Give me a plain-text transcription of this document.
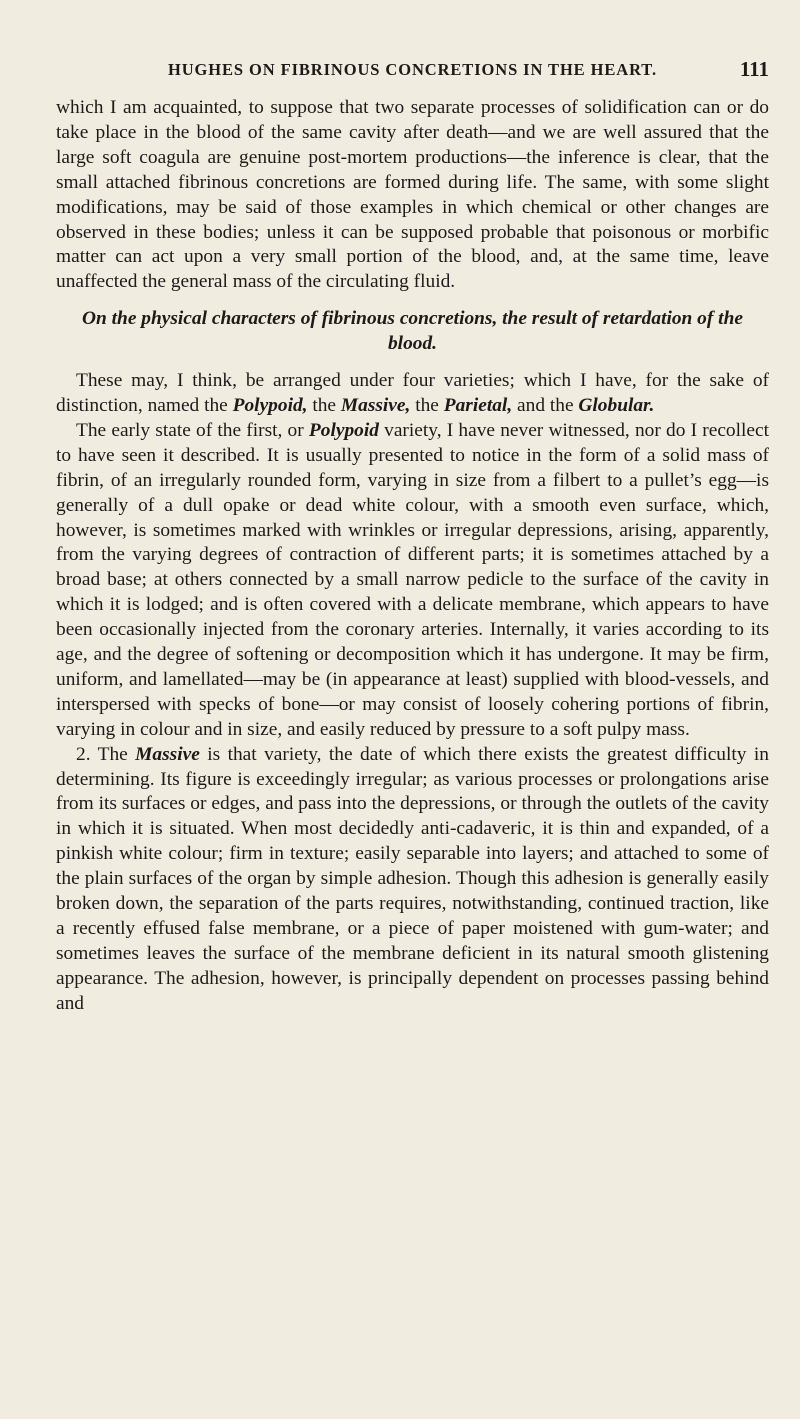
HUGHES ON FIBRINOUS CONCRETIONS IN THE HEART.	111

which I am acquainted, to suppose that two separate processes of solidification can or do take place in the blood of the same cavity after death—and we are well assured that the large soft coagula are genuine post-mortem productions—the inference is clear, that the small attached fibrinous concretions are formed during life. The same, with some slight modifications, may be said of those examples in which chemical or other changes are observed in these bodies; unless it can be supposed probable that poisonous or morbific matter can act upon a very small portion of the blood, and, at the same time, leave unaffected the general mass of the circulating fluid.

On the physical characters of fibrinous concretions, the result of retardation of the blood.

These may, I think, be arranged under four varieties; which I have, for the sake of distinction, named the Polypoid, the Massive, the Parietal, and the Globular.

The early state of the first, or Polypoid variety, I have never witnessed, nor do I recollect to have seen it described. It is usually presented to notice in the form of a solid mass of fibrin, of an irregularly rounded form, varying in size from a filbert to a pullet’s egg—is generally of a dull opake or dead white colour, with a smooth even surface, which, however, is sometimes marked with wrinkles or irregular depressions, arising, apparently, from the varying degrees of contraction of different parts; it is sometimes attached by a broad base; at others connected by a small narrow pedicle to the surface of the cavity in which it is lodged; and is often covered with a delicate membrane, which appears to have been occasionally injected from the coronary arteries. Internally, it varies according to its age, and the degree of softening or decomposition which it has undergone. It may be firm, uniform, and lamellated—may be (in appearance at least) supplied with blood-vessels, and interspersed with specks of bone—or may consist of loosely cohering portions of fibrin, varying in colour and in size, and easily reduced by pressure to a soft pulpy mass.

2. The Massive is that variety, the date of which there exists the greatest difficulty in determining. Its figure is exceedingly irregular; as various processes or prolongations arise from its surfaces or edges, and pass into the depressions, or through the outlets of the cavity in which it is situated. When most decidedly anti-cadaveric, it is thin and expanded, of a pinkish white colour; firm in texture; easily separable into layers; and attached to some of the plain surfaces of the organ by simple adhesion. Though this adhesion is generally easily broken down, the separation of the parts requires, notwithstanding, continued traction, like a recently effused false membrane, or a piece of paper moistened with gum-water; and sometimes leaves the surface of the membrane deficient in its natural smooth glistening appearance. The adhesion, however, is principally dependent on processes passing behind and
